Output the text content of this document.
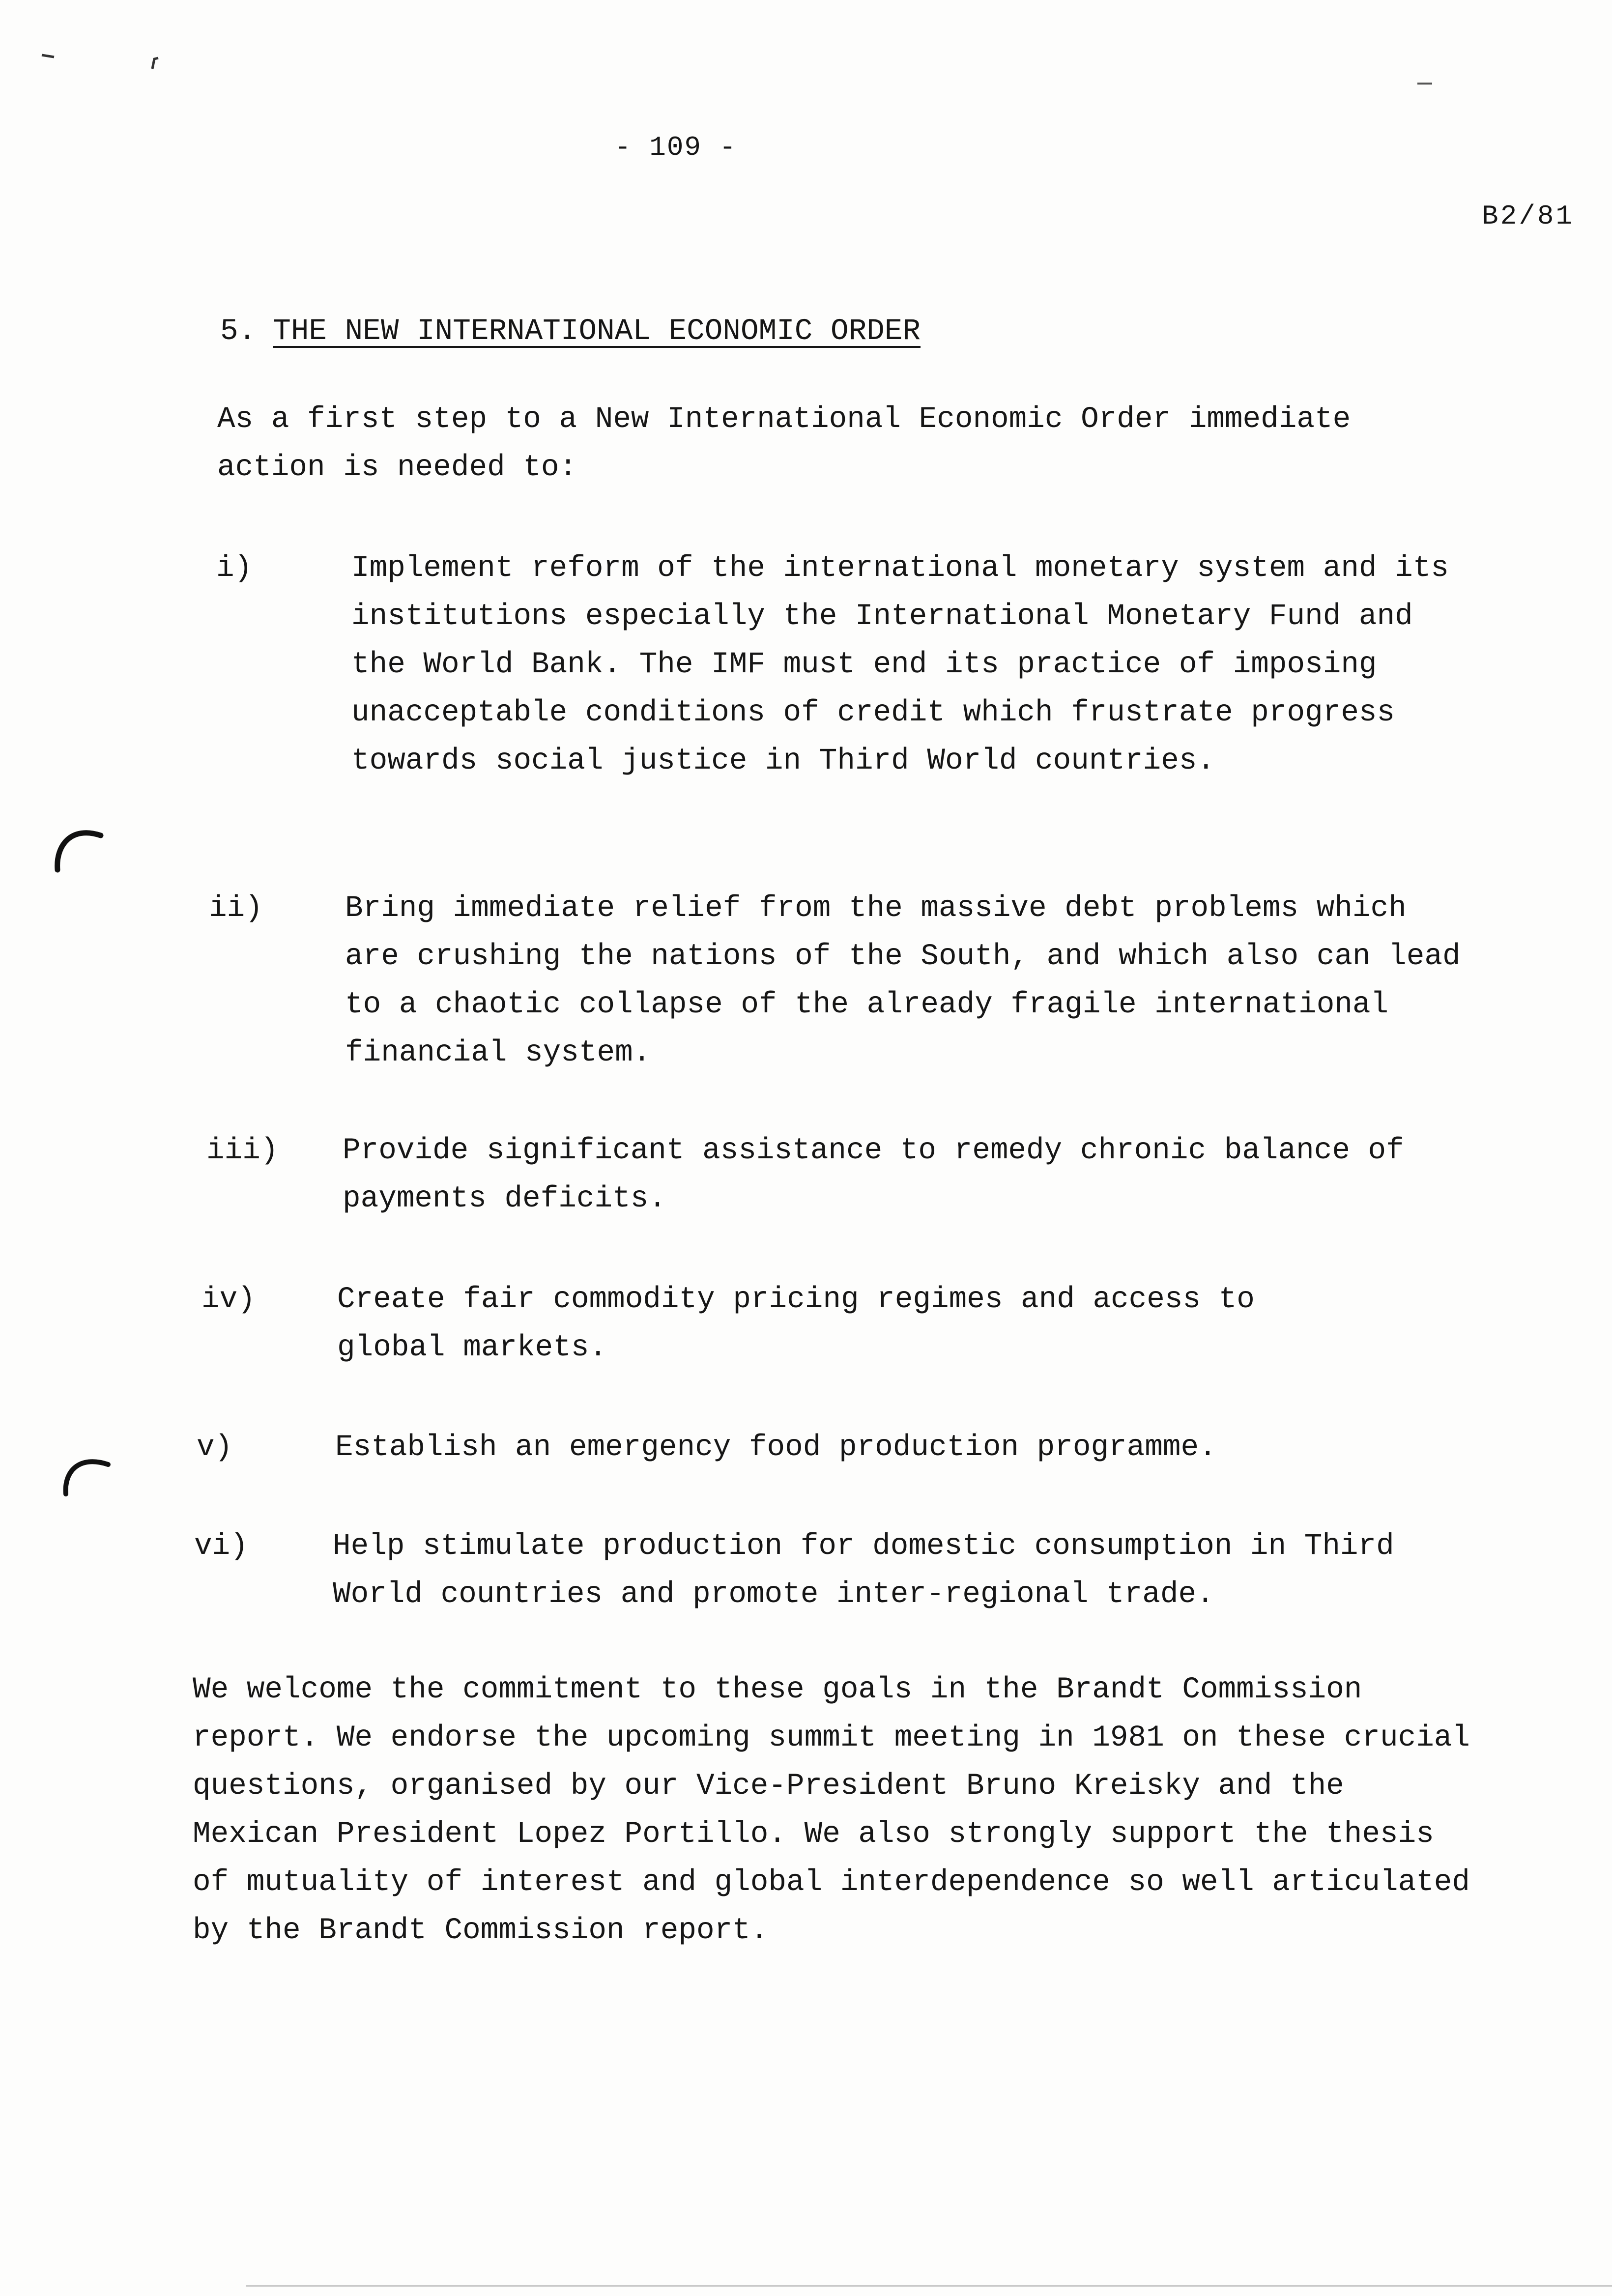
- 109 -
B2/81
5. THE NEW INTERNATIONAL ECONOMIC ORDER

As a first step to a New International Economic Order immediate action is needed to:

i)	Implement reform of the international monetary system and its institutions especially the International Monetary Fund and the World Bank. The IMF must end its practice of imposing unacceptable conditions of credit which frustrate progress towards social justice in Third World countries.

ii)	Bring immediate relief from the massive debt problems which are crushing the nations of the South, and which also can lead to a chaotic collapse of the already fragile international financial system.

iii) Provide significant assistance to remedy chronic balance of payments deficits.

iv)	Create fair commodity pricing regimes and access to global markets.

v)	Establish an emergency food production programme.

vi)	Help stimulate production for domestic consumption in Third World countries and promote inter-regional trade.

We welcome the commitment to these goals in the Brandt Commission report. We endorse the upcoming summit meeting in 1981 on these crucial questions, organised by our Vice-President Bruno Kreisky and the Mexican President Lopez Portillo. We also strongly support the thesis of mutuality of interest and global interdependence so well articulated by the Brandt Commission report.
